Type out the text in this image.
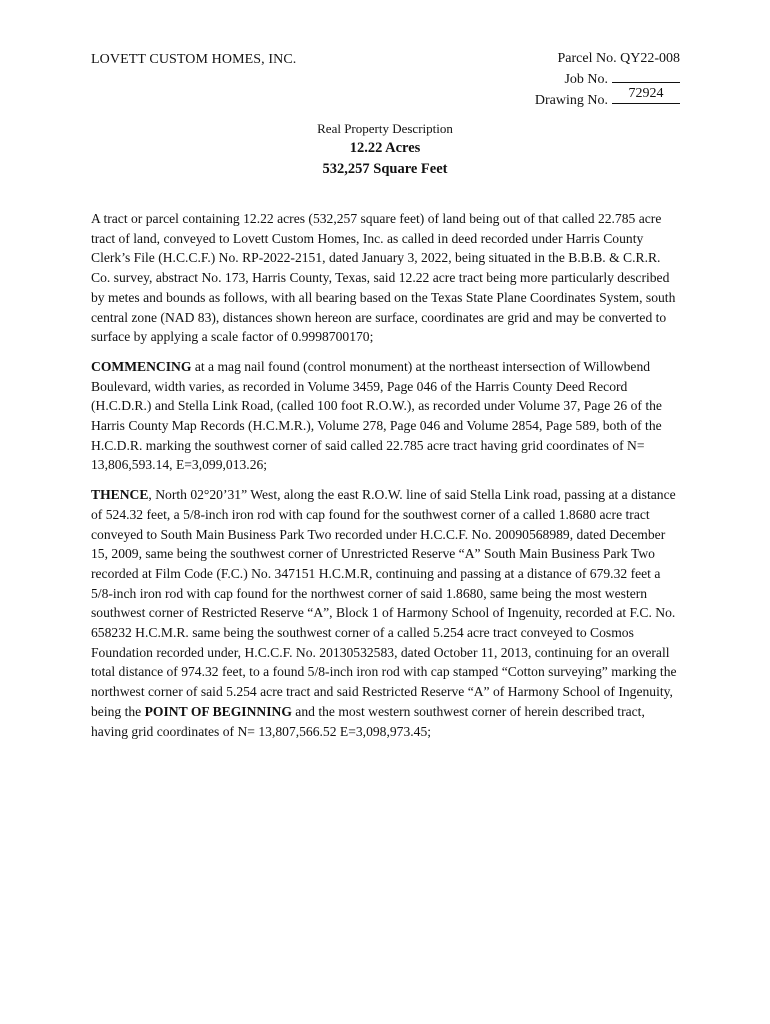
LOVETT CUSTOM HOMES, INC.	Parcel No. QY22-008
Job No.
Drawing No.	72924
Real Property Description
12.22 Acres
532,257 Square Feet

A tract or parcel containing 12.22 acres (532,257 square feet) of land being out of that called 22.785 acre tract of land, conveyed to Lovett Custom Homes, Inc. as called in deed recorded under Harris County Clerk’s File (H.C.C.F.) No. RP-2022-2151, dated January 3, 2022, being situated in the B.B.B. & C.R.R. Co. survey, abstract No. 173, Harris County, Texas, said 12.22 acre tract being more particularly described by metes and bounds as follows, with all bearing based on the Texas State Plane Coordinates System, south central zone (NAD 83), distances shown hereon are surface, coordinates are grid and may be converted to surface by applying a scale factor of 0.9998700170;

COMMENCING at a mag nail found (control monument) at the northeast intersection of Willowbend Boulevard, width varies, as recorded in Volume 3459, Page 046 of the Harris County Deed Record (H.C.D.R.) and Stella Link Road, (called 100 foot R.O.W.), as recorded under Volume 37, Page 26 of the Harris County Map Records (H.C.M.R.), Volume 278, Page 046 and Volume 2854, Page 589, both of the H.C.D.R. marking the southwest corner of said called 22.785 acre tract having grid coordinates of N= 13,806,593.14, E=3,099,013.26;

THENCE, North 02°20’31” West, along the east R.O.W. line of said Stella Link road, passing at a distance of 524.32 feet, a 5/8-inch iron rod with cap found for the southwest corner of a called 1.8680 acre tract conveyed to South Main Business Park Two recorded under H.C.C.F. No. 20090568989, dated December 15, 2009, same being the southwest corner of Unrestricted Reserve “A” South Main Business Park Two recorded at Film Code (F.C.) No. 347151 H.C.M.R, continuing and passing at a distance of 679.32 feet a 5/8-inch iron rod with cap found for the northwest corner of said 1.8680, same being the most western southwest corner of Restricted Reserve “A”, Block 1 of Harmony School of Ingenuity, recorded at F.C. No. 658232 H.C.M.R. same being the southwest corner of a called 5.254 acre tract conveyed to Cosmos Foundation recorded under, H.C.C.F. No. 20130532583, dated October 11, 2013, continuing for an overall total distance of 974.32 feet, to a found 5/8-inch iron rod with cap stamped “Cotton surveying” marking the northwest corner of said 5.254 acre tract and said Restricted Reserve “A” of Harmony School of Ingenuity, being the POINT OF BEGINNING and the most western southwest corner of herein described tract, having grid coordinates of N= 13,807,566.52 E=3,098,973.45;
